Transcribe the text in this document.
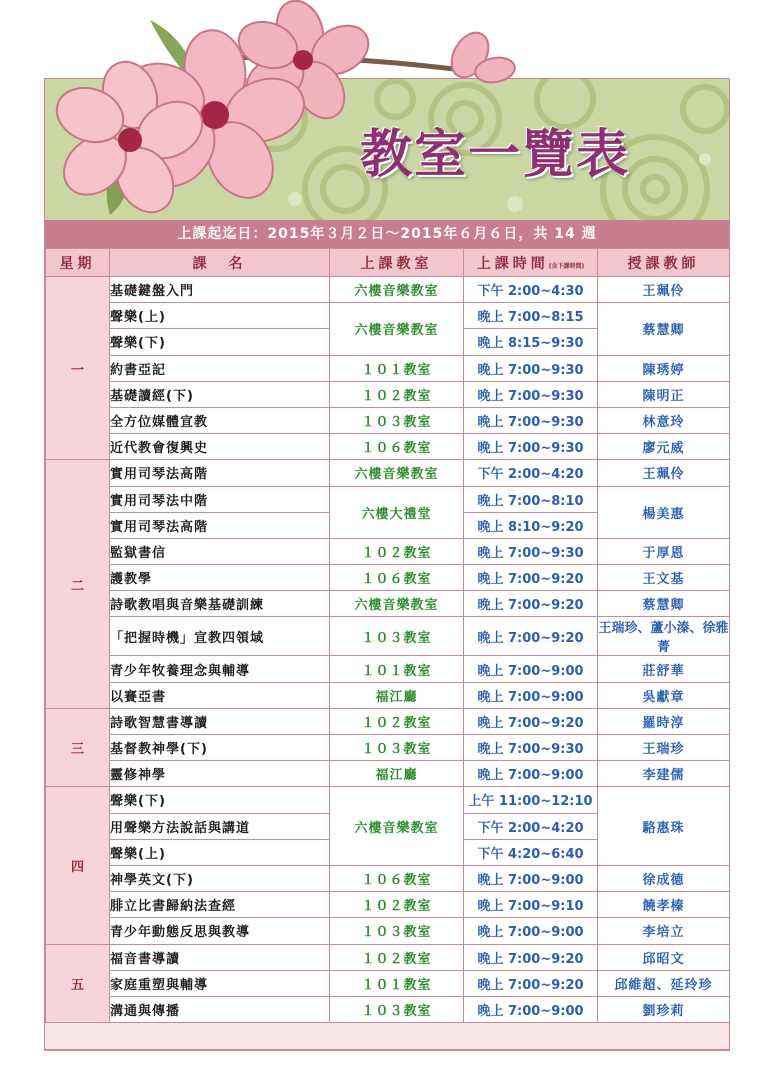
教室一覽表
上課起迄日：2015年３月２日～2015年６月６日，共 14 週
星期	課　名	上課教室	上課時間(含下課時間)	授課教師
一	基礎鍵盤入門	六樓音樂教室	下午 2:00~4:30	王珮伶
	聲樂(上)	六樓音樂教室	晚上 7:00~8:15	蔡慧卿
	聲樂(下)		晚上 8:15~9:30	
	約書亞記	１０１教室	晚上 7:00~9:30	陳琇婷
	基礎讀經(下)	１０２教室	晚上 7:00~9:30	陳明正
	全方位媒體宣教	１０３教室	晚上 7:00~9:30	林意玲
	近代教會復興史	１０６教室	晚上 7:00~9:30	廖元威
二	實用司琴法高階	六樓音樂教室	下午 2:00~4:20	王珮伶
	實用司琴法中階	六樓大禮堂	晚上 7:00~8:10	楊美惠
	實用司琴法高階		晚上 8:10~9:20	
	監獄書信	１０２教室	晚上 7:00~9:30	于厚恩
	護教學	１０６教室	晚上 7:00~9:20	王文基
	詩歌教唱與音樂基礎訓練	六樓音樂教室	晚上 7:00~9:20	蔡慧卿
	「把握時機」宣教四領域	１０３教室	晚上 7:00~9:20	王瑞珍、蘆小溱、徐雅菁
	青少年牧養理念與輔導	１０１教室	晚上 7:00~9:00	莊舒華
	以賽亞書	福江廳	晚上 7:00~9:00	吳獻章
三	詩歌智慧書導讀	１０２教室	晚上 7:00~9:20	羅時淳
	基督教神學(下)	１０３教室	晚上 7:00~9:30	王瑞珍
	靈修神學	福江廳	晚上 7:00~9:00	李建儒
四	聲樂(下)	六樓音樂教室	上午 11:00~12:10	駱惠珠
	用聲樂方法說話與講道		下午 2:00~4:20	
	聲樂(上)		下午 4:20~6:40	
	神學英文(下)	１０６教室	晚上 7:00~9:00	徐成德
	腓立比書歸納法查經	１０２教室	晚上 7:00~9:10	饒孝榛
	青少年動態反思與教導	１０３教室	晚上 7:00~9:00	李培立
五	福音書導讀	１０２教室	晚上 7:00~9:20	邱昭文
	家庭重塑與輔導	１０１教室	晚上 7:00~9:20	邱維超、延玲珍
	溝通與傳播	１０３教室	晚上 7:00~9:00	劉珍莉
